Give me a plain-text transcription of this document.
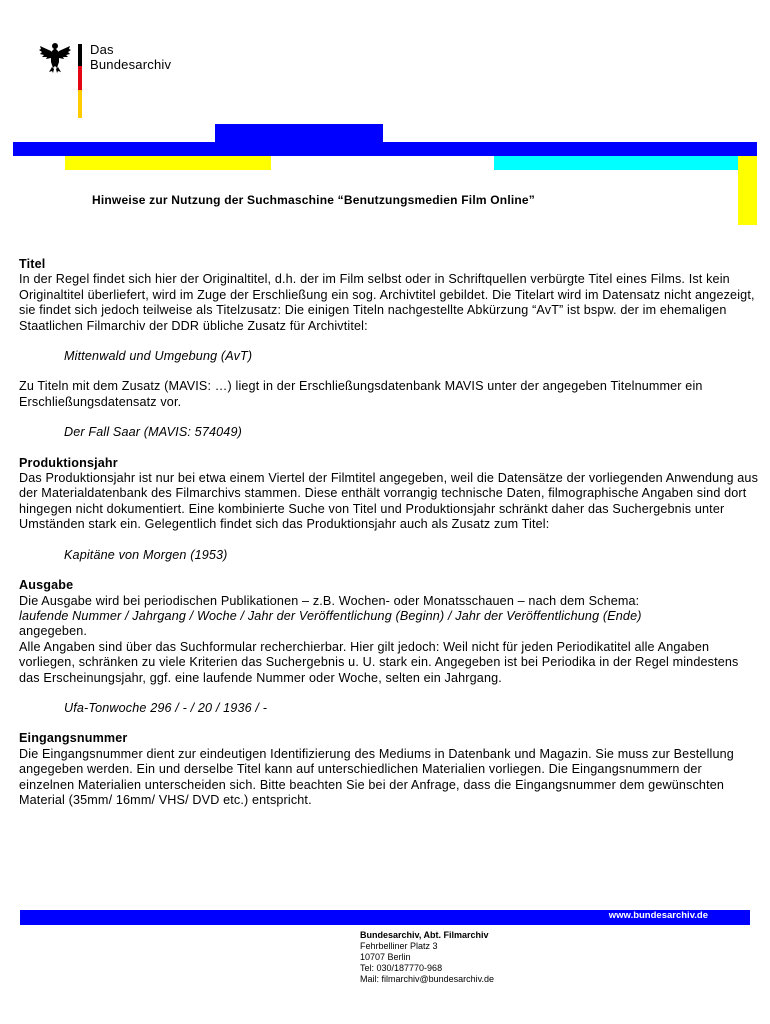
Das
Bundesarchiv
Hinweise zur Nutzung der Suchmaschine “Benutzungsmedien Film Online”
Titel

In der Regel findet sich hier der Originaltitel, d.h. der im Film selbst oder in Schriftquellen verbürgte Titel eines Films. Ist kein Originaltitel überliefert, wird im Zuge der Erschließung ein sog. Archivtitel gebildet. Die Titelart wird im Datensatz nicht angezeigt, sie findet sich jedoch teilweise als Titelzusatz: Die einigen Titeln nachgestellte Abkürzung “AvT” ist bspw. der im ehemaligen Staatlichen Filmarchiv der DDR übliche Zusatz für Archivtitel:

Mittenwald und Umgebung (AvT)

Zu Titeln mit dem Zusatz (MAVIS: …) liegt in der Erschließungsdatenbank MAVIS unter der angegeben Titelnummer ein Erschließungsdatensatz vor.

Der Fall Saar (MAVIS: 574049)

Produktionsjahr

Das Produktionsjahr ist nur bei etwa einem Viertel der Filmtitel angegeben, weil die Datensätze der vorliegenden Anwendung aus der Materialdatenbank des Filmarchivs stammen. Diese enthält vorrangig technische Daten, filmographische Angaben sind dort hingegen nicht dokumentiert. Eine kombinierte Suche von Titel und Produktionsjahr schränkt daher das Suchergebnis unter Umständen stark ein. Gelegentlich findet sich das Produktionsjahr auch als Zusatz zum Titel:

Kapitäne von Morgen (1953)

Ausgabe

Die Ausgabe wird bei periodischen Publikationen – z.B. Wochen- oder Monatsschauen – nach dem Schema:

laufende Nummer / Jahrgang / Woche / Jahr der Veröffentlichung (Beginn) / Jahr der Veröffentlichung (Ende)

angegeben.

Alle Angaben sind über das Suchformular recherchierbar. Hier gilt jedoch: Weil nicht für jeden Periodikatitel alle Angaben vorliegen, schränken zu viele Kriterien das Suchergebnis u. U. stark ein. Angegeben ist bei Periodika in der Regel mindestens das Erscheinungsjahr, ggf. eine laufende Nummer oder Woche, selten ein Jahrgang.

Ufa-Tonwoche 296 / - / 20 / 1936 / -

Eingangsnummer

Die Eingangsnummer dient zur eindeutigen Identifizierung des Mediums in Datenbank und Magazin. Sie muss zur Bestellung angegeben werden. Ein und derselbe Titel kann auf unterschiedlichen Materialien vorliegen. Die Eingangsnummern der einzelnen Materialien unterscheiden sich. Bitte beachten Sie bei der Anfrage, dass die Eingangsnummer dem gewünschten Material (35mm/ 16mm/ VHS/ DVD etc.) entspricht.

www.bundesarchiv.de
Bundesarchiv, Abt. Filmarchiv
Fehrbelliner Platz 3
10707 Berlin
Tel: 030/187770-968
Mail: filmarchiv@bundesarchiv.de
